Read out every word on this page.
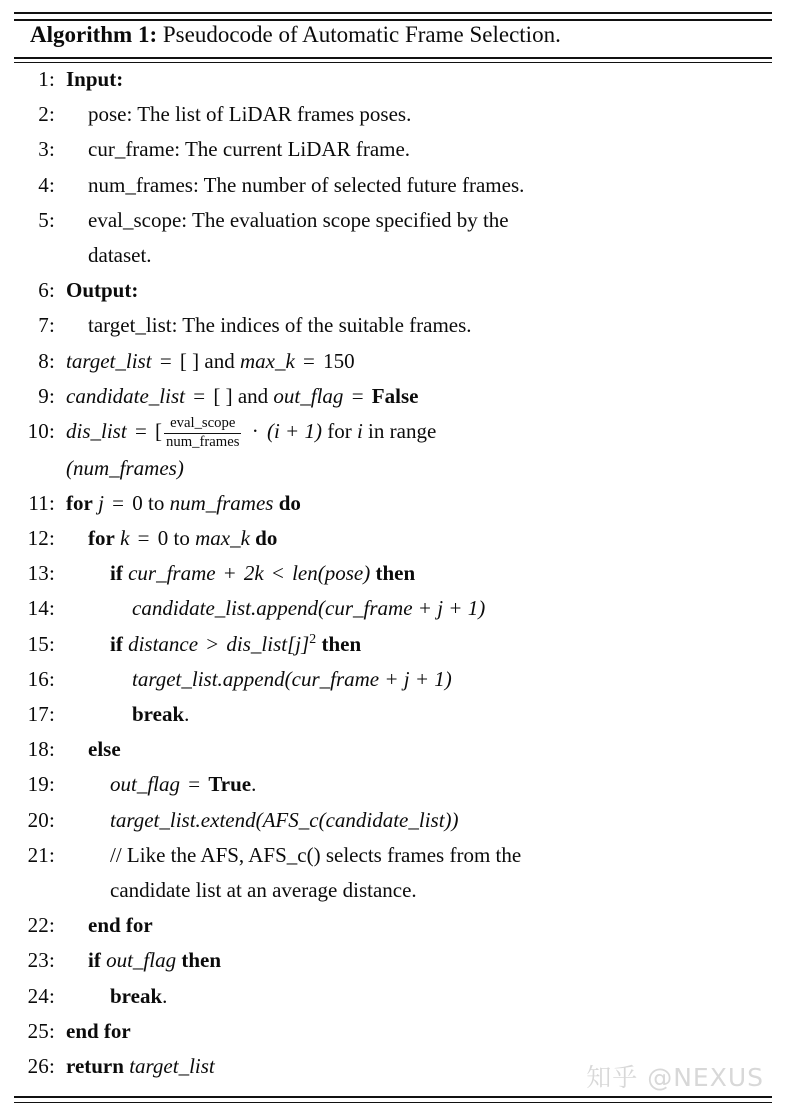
Algorithm 1: Pseudocode of Automatic Frame Selection.
1: Input:
2:	pose: The list of LiDAR frames poses.
3:	cur_frame: The current LiDAR frame.
4:	num_frames: The number of selected future frames.
5:	eval_scope: The evaluation scope specified by the
dataset.
6: Output:
7:	target_list: The indices of the suitable frames.
8: target_list = [ ] and max_k = 150
9: candidate_list = [ ] and out_flag = False
10: dis_list = [ $\frac{\text{eval\_scope}}{\text{num\_frames}} \cdot (i + 1)$ for i in range
(num_frames)
11: for j = 0 to num_frames do
12:	for k = 0 to max_k do
13:	if cur_frame + 2k < len(pose) then
14:	candidate_list.append(cur_frame + j + 1)
15:	if distance > $dis\_list[j]^2$ then
16:	target_list.append(cur_frame + j + 1)
17:	break.
18:	else
19:	out_flag = True.
20:	target_list.extend(AFS_c(candidate_list))
21:	// Like the AFS, AFS_c() selects frames from the
candidate list at an average distance.
22:	end for
23:	if out_flag then
24:	break.
25: end for
26: return target_list	知乎 @NEXUS
